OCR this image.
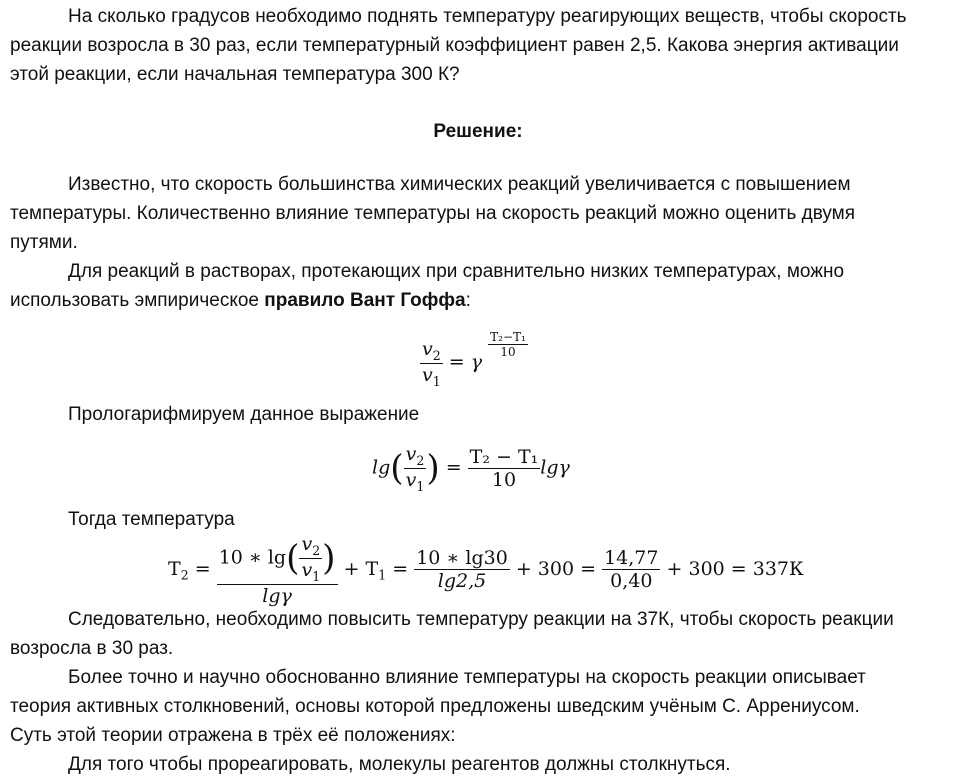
На сколько градусов необходимо поднять температуру реагирующих веществ, чтобы скорость

реакции возросла в 30 раз, если температурный коэффициент равен 2,5. Какова энергия активации

этой реакции, если начальная температура 300 К?

Решение:

Известно, что скорость большинства химических реакций увеличивается с повышением

температуры. Количественно влияние температуры на скорость реакций можно оценить двумя

путями.

Для реакций в растворах, протекающих при сравнительно низких температурах, можно

использовать эмпирическое правило Вант Гоффа:

$\frac{v_2}{v_1} = \gamma$
$\frac{\text{T₂−T₁}}{10}$

Прологарифмируем данное выражение

$\lg( \frac{v_2}{v_1}$ ) = $\frac{\text{T₂ − T₁}}{10}$ lgγ

Тогда температура

$T_2 = \frac{10 ∗ \lg( \frac{v_2}{v_1} )}{\lg\gamma} + T_1 = \frac{10 ∗ \lg 30}{\lg 2,5} + 300 = \frac{14,77}{0,40} + 300 = 337К$

Следовательно, необходимо повысить температуру реакции на 37К, чтобы скорость реакции

возросла в 30 раз.

Более точно и научно обоснованно влияние температуры на скорость реакции описывает

теория активных столкновений, основы которой предложены шведским учёным С. Аррениусом.

Суть этой теории отражена в трёх её положениях:

Для того чтобы прореагировать, молекулы реагентов должны столкнуться.
